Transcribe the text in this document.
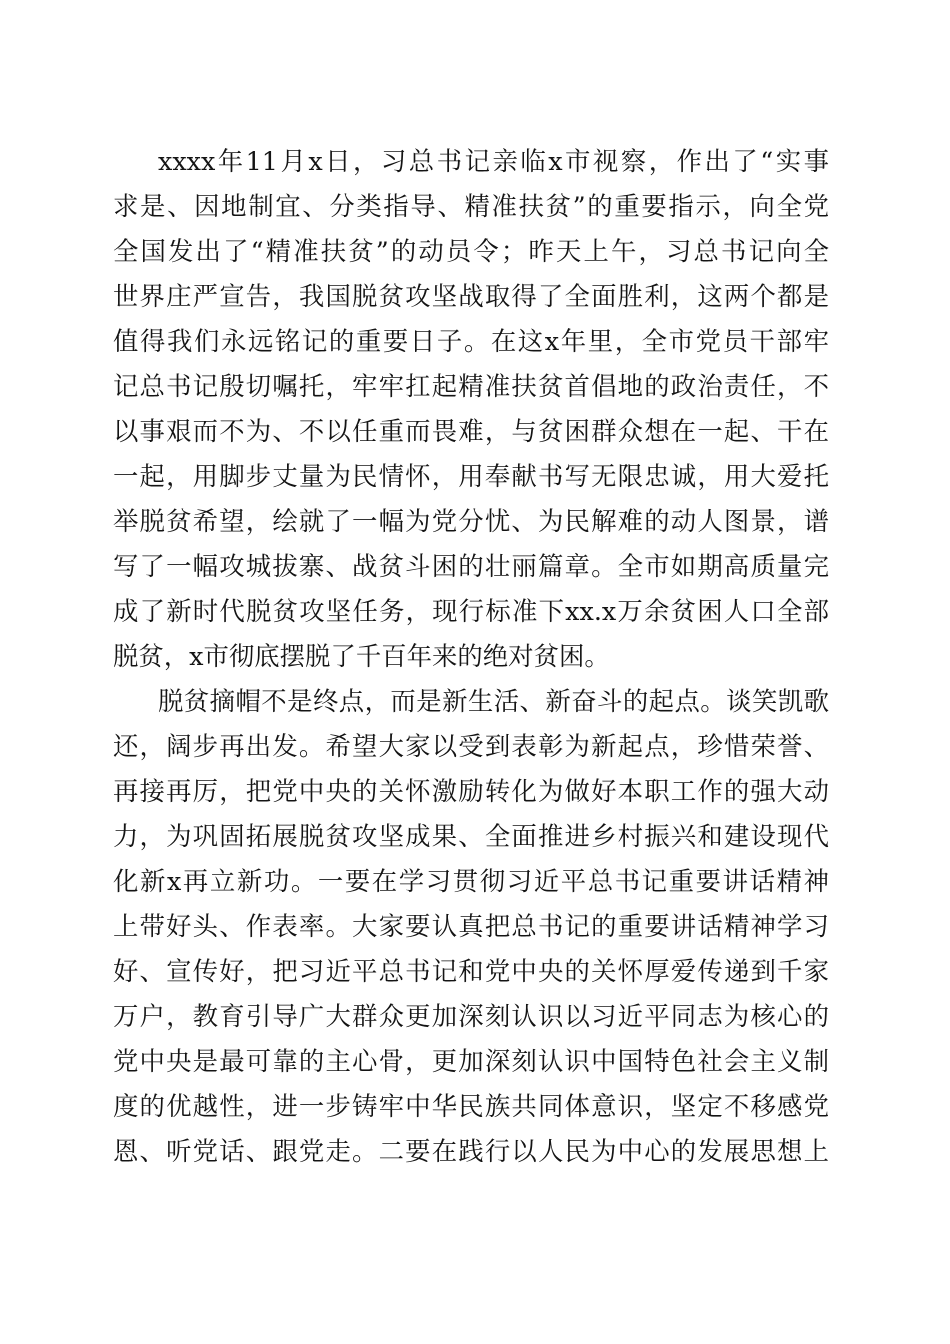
xxxx年11月x日，习总书记亲临x市视察，作出了“实事
求是、因地制宜、分类指导、精准扶贫”的重要指示，向全党
全国发出了“精准扶贫”的动员令；昨天上午，习总书记向全
世界庄严宣告，我国脱贫攻坚战取得了全面胜利，这两个都是
值得我们永远铭记的重要日子。在这x年里，全市党员干部牢
记总书记殷切嘱托，牢牢扛起精准扶贫首倡地的政治责任，不
以事艰而不为、不以任重而畏难，与贫困群众想在一起、干在
一起，用脚步丈量为民情怀，用奉献书写无限忠诚，用大爱托
举脱贫希望，绘就了一幅为党分忧、为民解难的动人图景，谱
写了一幅攻城拔寨、战贫斗困的壮丽篇章。全市如期高质量完
成了新时代脱贫攻坚任务，现行标准下xx.x万余贫困人口全部
脱贫，x市彻底摆脱了千百年来的绝对贫困。
脱贫摘帽不是终点，而是新生活、新奋斗的起点。谈笑凯歌
还，阔步再出发。希望大家以受到表彰为新起点，珍惜荣誉、
再接再厉，把党中央的关怀激励转化为做好本职工作的强大动
力，为巩固拓展脱贫攻坚成果、全面推进乡村振兴和建设现代
化新x再立新功。一要在学习贯彻习近平总书记重要讲话精神
上带好头、作表率。大家要认真把总书记的重要讲话精神学习
好、宣传好，把习近平总书记和党中央的关怀厚爱传递到千家
万户，教育引导广大群众更加深刻认识以习近平同志为核心的
党中央是最可靠的主心骨，更加深刻认识中国特色社会主义制
度的优越性，进一步铸牢中华民族共同体意识，坚定不移感党
恩、听党话、跟党走。二要在践行以人民为中心的发展思想上
